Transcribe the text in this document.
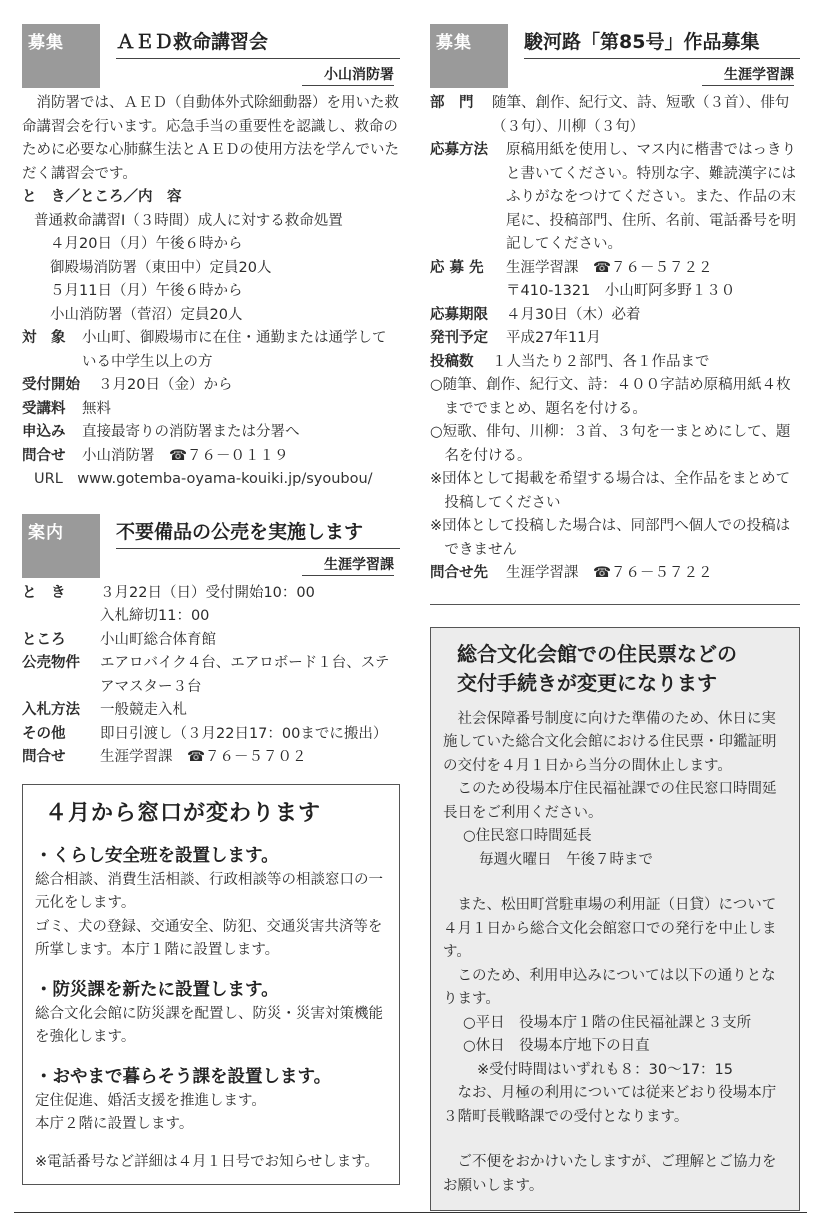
募集	ＡＥＤ救命講習会
小山消防署

消防署では、ＡＥＤ（自動体外式除細動器）を用いた救命講習会を行います。応急手当の重要性を認識し、救命のために必要な心肺蘇生法とＡＥＤの使用方法を学んでいただく講習会です。

と　き／ところ／内　容
普通救命講習Ⅰ（３時間）成人に対する救命処置
４月20日（月）午後６時から
御殿場消防署（東田中）定員20人
５月11日（月）午後６時から
小山消防署（菅沼）定員20人
対　象	小山町、御殿場市に在住・通勤または通学している中学生以上の方
受付開始	３月20日（金）から
受講料	無料
申込み	直接最寄りの消防署または分署へ
問合せ	小山消防署　☎７６－０１１９
URL　www.gotemba-oyama-kouiki.jp/syoubou/
案内	不要備品の公売を実施します
生涯学習課
と　き	３月22日（日）受付開始10：00
入札締切11：00
ところ	小山町総合体育館
公売物件	エアロバイク４台、エアロボード１台、ステアマスター３台
入札方法	一般競走入札
その他	即日引渡し（３月22日17：00までに搬出）
問合せ	生涯学習課　☎７６－５７０２
４月から窓口が変わります
・くらし安全班を設置します。
総合相談、消費生活相談、行政相談等の相談窓口の一元化をします。
ゴミ、犬の登録、交通安全、防犯、交通災害共済等を所掌します。本庁１階に設置します。
・防災課を新たに設置します。
総合文化会館に防災課を配置し、防災・災害対策機能を強化します。
・おやまで暮らそう課を設置します。
定住促進、婚活支援を推進します。
本庁２階に設置します。
※電話番号など詳細は４月１日号でお知らせします。
募集	駿河路「第85号」作品募集
生涯学習課
部　門	随筆、創作、紀行文、詩、短歌（３首）、俳句（３句）、川柳（３句）
応募方法	原稿用紙を使用し、マス内に楷書ではっきりと書いてください。特別な字、難読漢字にはふりがなをつけてください。また、作品の末尾に、投稿部門、住所、名前、電話番号を明記してください。
応 募 先	生涯学習課　☎７６－５７２２
〒410-1321　小山町阿多野１３０
応募期限	４月30日（木）必着
発刊予定	平成27年11月
投稿数	１人当たり２部門、各１作品まで
○随筆、創作、紀行文、詩：４００字詰め原稿用紙４枚まででまとめ、題名を付ける。
○短歌、俳句、川柳：３首、３句を一まとめにして、題名を付ける。
※団体として掲載を希望する場合は、全作品をまとめて投稿してください
※団体として投稿した場合は、同部門へ個人での投稿はできません
問合せ先	生涯学習課　☎７６－５７２２
総合文化会館での住民票などの
交付手続きが変更になります

社会保障番号制度に向けた準備のため、休日に実施していた総合文化会館における住民票・印鑑証明の交付を４月１日から当分の間休止します。

このため役場本庁住民福祉課での住民窓口時間延長日をご利用ください。

○住民窓口時間延長
毎週火曜日　午後７時まで

また、松田町営駐車場の利用証（日貸）について４月１日から総合文化会館窓口での発行を中止します。

このため、利用申込みについては以下の通りとなります。

○平日　役場本庁１階の住民福祉課と３支所
○休日　役場本庁地下の日直
※受付時間はいずれも８：30～17：15

なお、月極の利用については従来どおり役場本庁３階町長戦略課での受付となります。

ご不便をおかけいたしますが、ご理解とご協力をお願いします。
